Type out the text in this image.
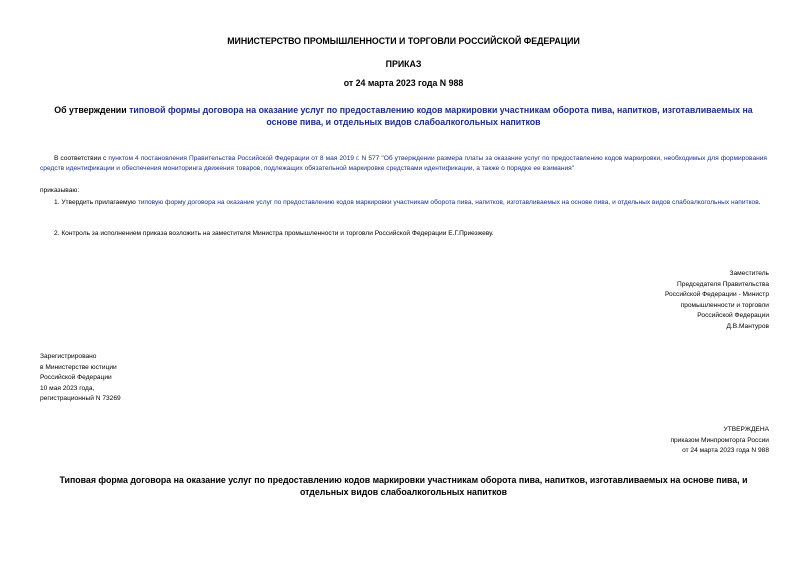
МИНИСТЕРСТВО ПРОМЫШЛЕННОСТИ И ТОРГОВЛИ РОССИЙСКОЙ ФЕДЕРАЦИИ
ПРИКАЗ
от 24 марта 2023 года N 988
Об утверждении типовой формы договора на оказание услуг по предоставлению кодов маркировки участникам оборота пива, напитков, изготавливаемых на основе пива, и отдельных видов слабоалкогольных напитков
В соответствии с пунктом 4 постановления Правительства Российской Федерации от 8 мая 2019 г. N 577 "Об утверждении размера платы за оказание услуг по предоставлению кодов маркировки, необходимых для формирования средств идентификации и обеспечения мониторинга движения товаров, подлежащих обязательной маркировке средствами идентификации, а также о порядке ее взимания"
приказываю:
1. Утвердить прилагаемую типовую форму договора на оказание услуг по предоставлению кодов маркировки участникам оборота пива, напитков, изготавливаемых на основе пива, и отдельных видов слабоалкогольных напитков.
2. Контроль за исполнением приказа возложить на заместителя Министра промышленности и торговли Российской Федерации Е.Г.Приезжеву.
Заместитель
Председателя Правительства
Российской Федерации - Министр
промышленности и торговли
Российской Федерации
Д.В.Мантуров
Зарегистрировано
в Министерстве юстиции
Российской Федерации
10 мая 2023 года,
регистрационный N 73269
УТВЕРЖДЕНА
приказом Минпромторга России
от 24 марта 2023 года N 988
Типовая форма договора на оказание услуг по предоставлению кодов маркировки участникам оборота пива, напитков, изготавливаемых на основе пива, и отдельных видов слабоалкогольных напитков
